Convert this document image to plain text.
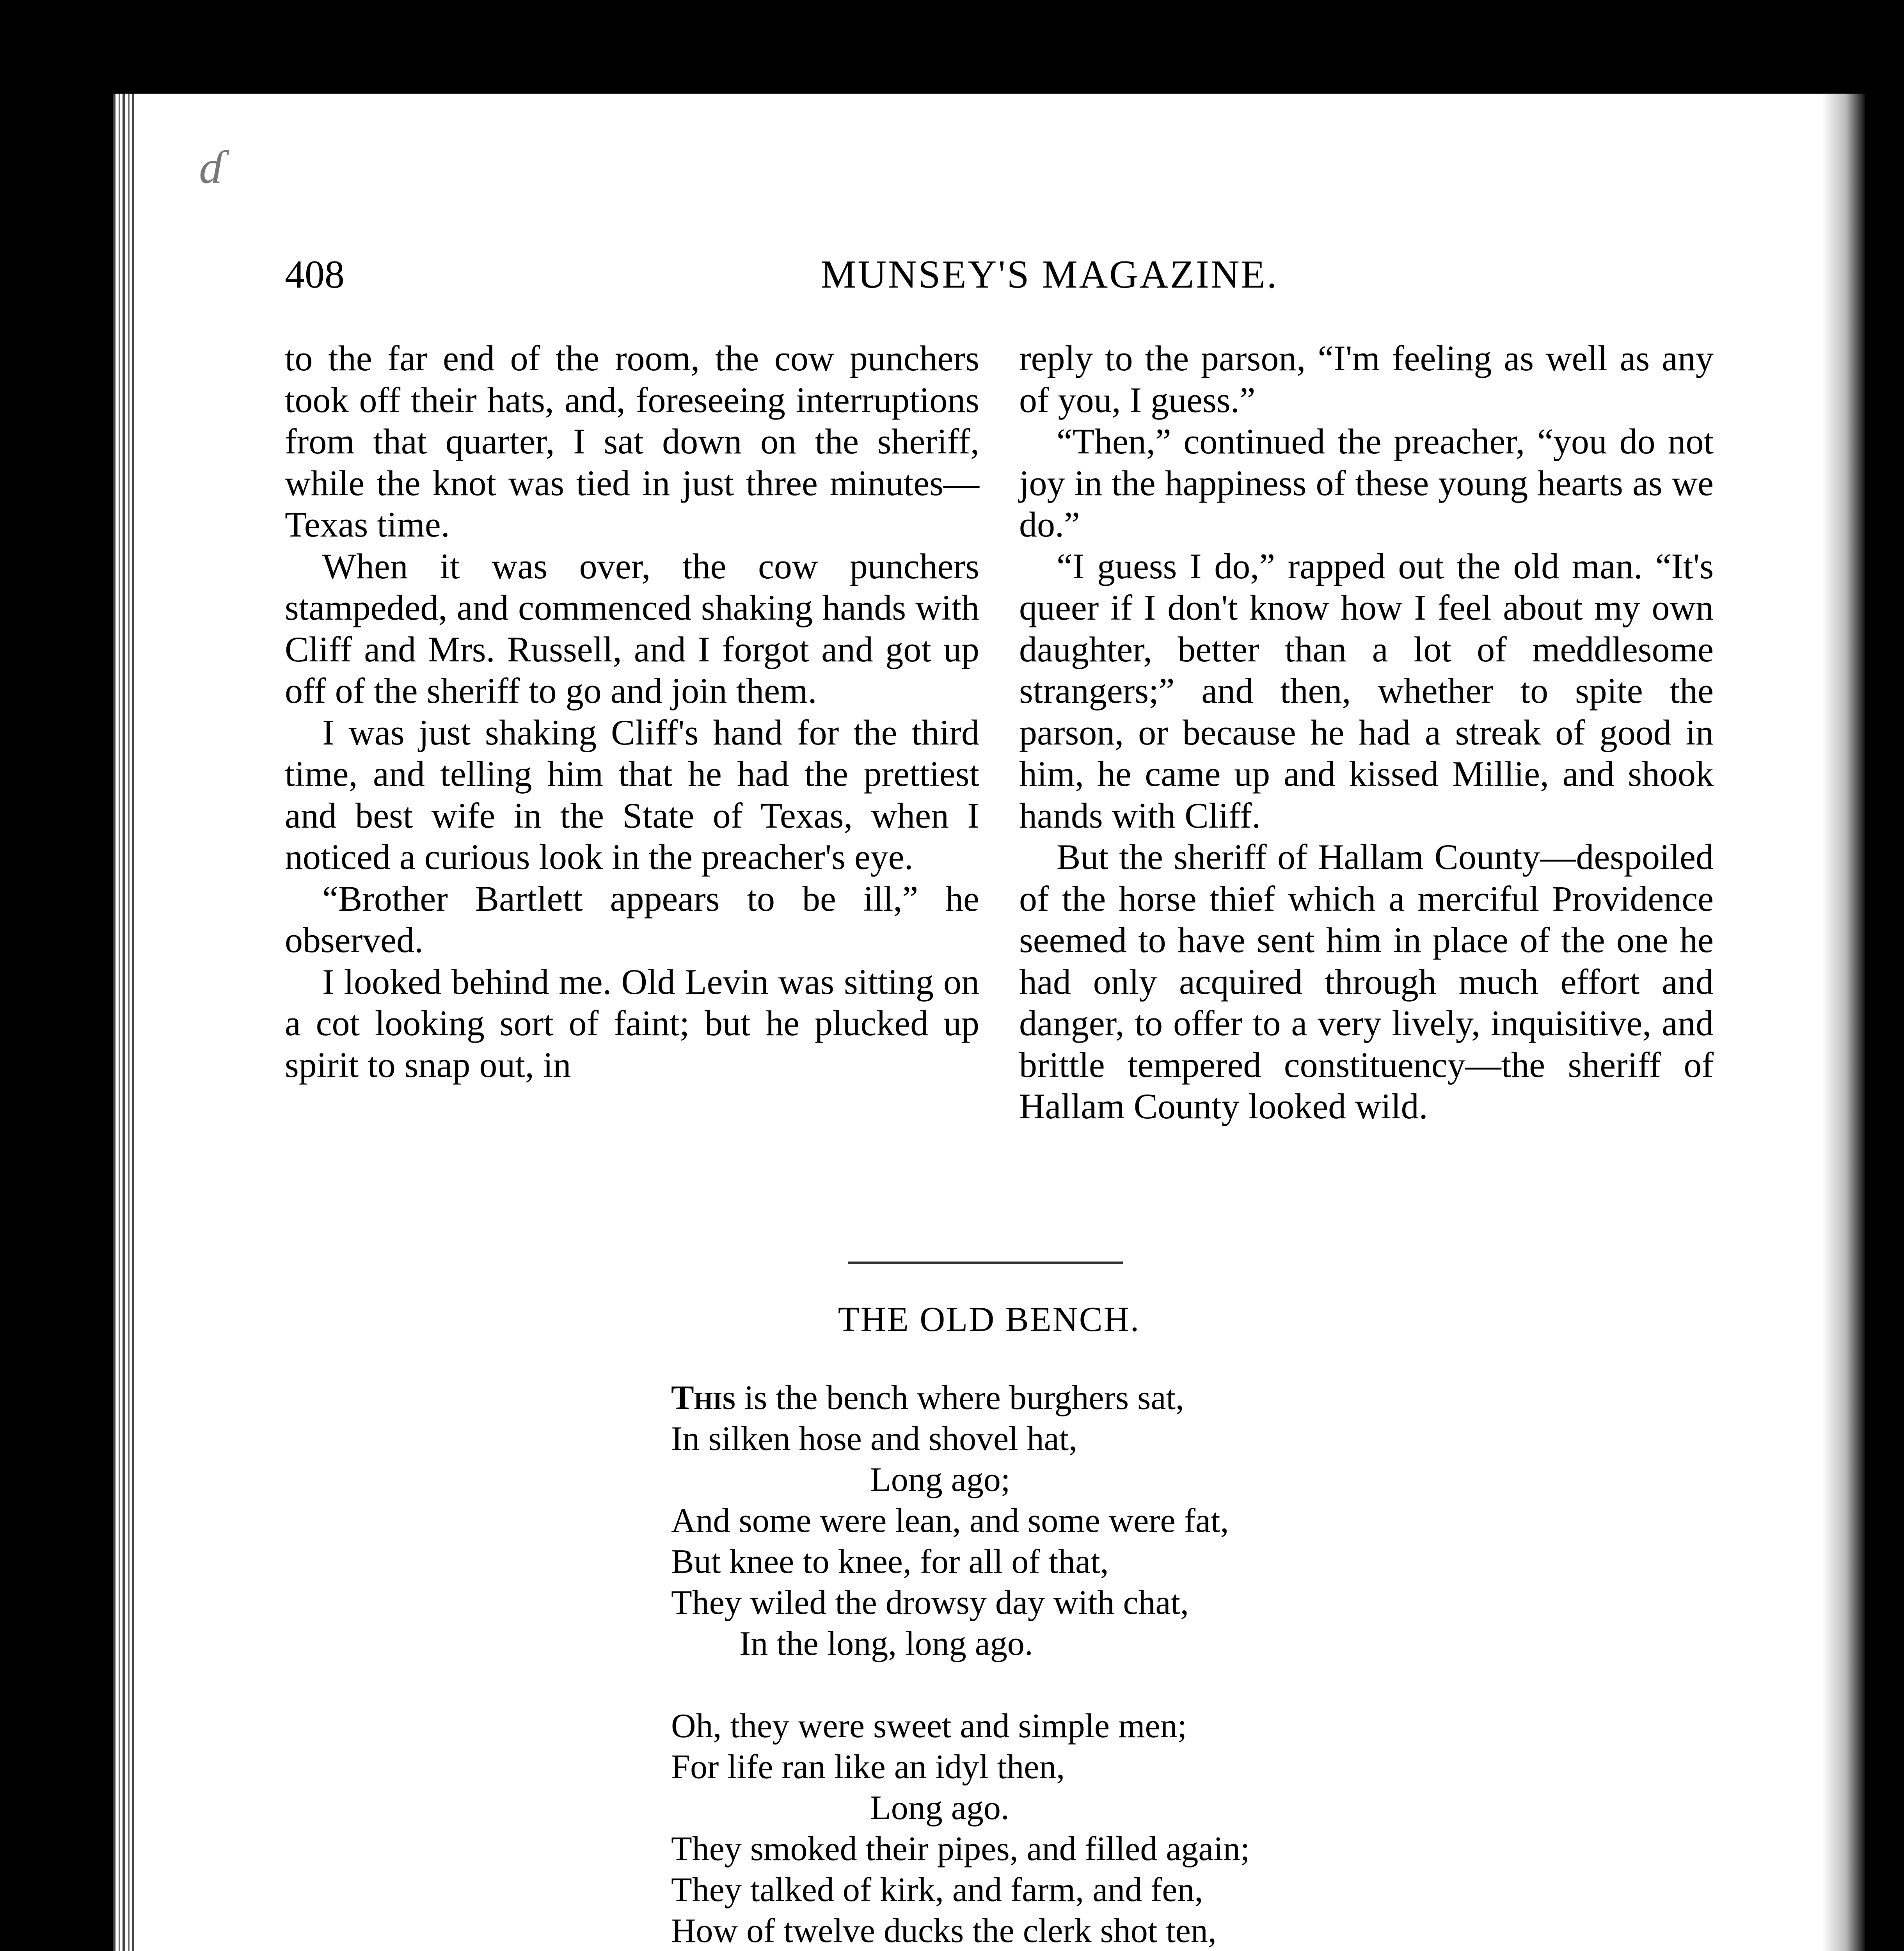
ɗ
408	MUNSEY'S MAGAZINE.

to the far end of the room, the cow punchers took off their hats, and, foreseeing interruptions from that quarter, I sat down on the sheriff, while the knot was tied in just three minutes—Texas time.

When it was over, the cow punchers stampeded, and commenced shaking hands with Cliff and Mrs. Russell, and I forgot and got up off of the sheriff to go and join them.

I was just shaking Cliff's hand for the third time, and telling him that he had the prettiest and best wife in the State of Texas, when I noticed a curious look in the preacher's eye.

“Brother Bartlett appears to be ill,” he observed.

I looked behind me. Old Levin was sitting on a cot looking sort of faint; but he plucked up spirit to snap out, in

reply to the parson, “I'm feeling as well as any of you, I guess.”

“Then,” continued the preacher, “you do not joy in the happiness of these young hearts as we do.”

“I guess I do,” rapped out the old man. “It's queer if I don't know how I feel about my own daughter, better than a lot of meddlesome strangers;” and then, whether to spite the parson, or because he had a streak of good in him, he came up and kissed Millie, and shook hands with Cliff.

But the sheriff of Hallam County—despoiled of the horse thief which a merciful Providence seemed to have sent him in place of the one he had only acquired through much effort and danger, to offer to a very lively, inquisitive, and brittle tempered constituency—the sheriff of Hallam County looked wild.

THE OLD BENCH.
This is the bench where burghers sat,
In silken hose and shovel hat,
Long ago;
And some were lean, and some were fat,
But knee to knee, for all of that,
They wiled the drowsy day with chat,
In the long, long ago.
Oh, they were sweet and simple men;
For life ran like an idyl then,
Long ago.
They smoked their pipes, and filled again;
They talked of kirk, and farm, and fen,
How of twelve ducks the clerk shot ten,
